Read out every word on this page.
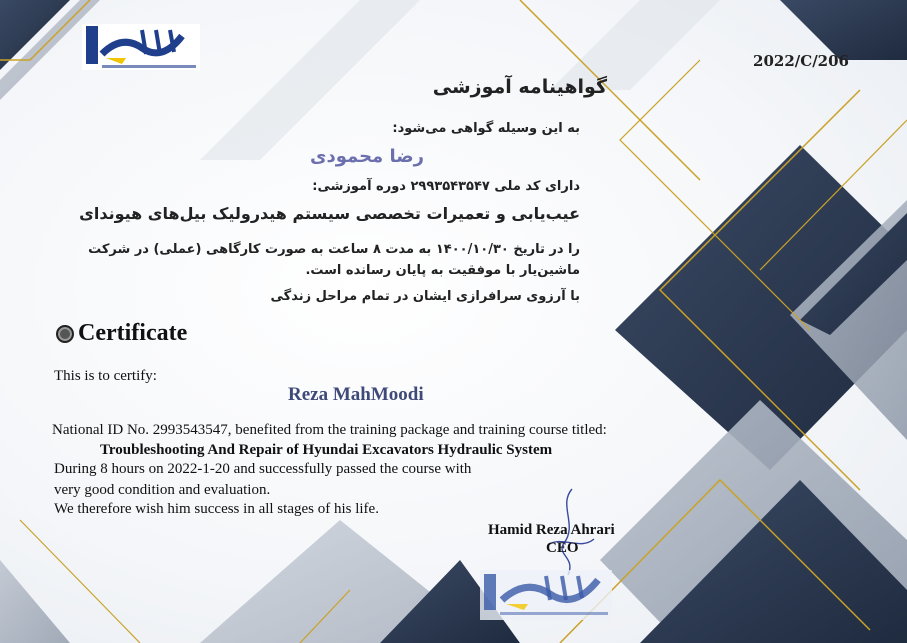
2022/C/206
گواهینامه آموزشی
به این وسیله گواهی می‌شود:
رضا محمودی
دارای کد ملی ۲۹۹۳۵۴۳۵۴۷ دوره آموزشی:
عیب‌یابی و تعمیرات تخصصی سیستم هیدرولیک بیل‌های هیوندای
را در تاریخ ۱۴۰۰/۱۰/۳۰ به مدت ۸ ساعت به صورت کارگاهی (عملی) در شرکت ماشین‌یار با موفقیت به پایان رسانده است.
با آرزوی سرافرازی ایشان در تمام مراحل زندگی
Certificate
This is to certify:
Reza MahMoodi
National ID No. 2993543547, benefited from the training package and training course titled:
Troubleshooting And Repair of Hyundai Excavators Hydraulic System
During 8 hours on 2022-1-20 and successfully passed the course with
very good condition and evaluation.
We therefore wish him success in all stages of his life.
Hamid Reza Ahrari
CEO
